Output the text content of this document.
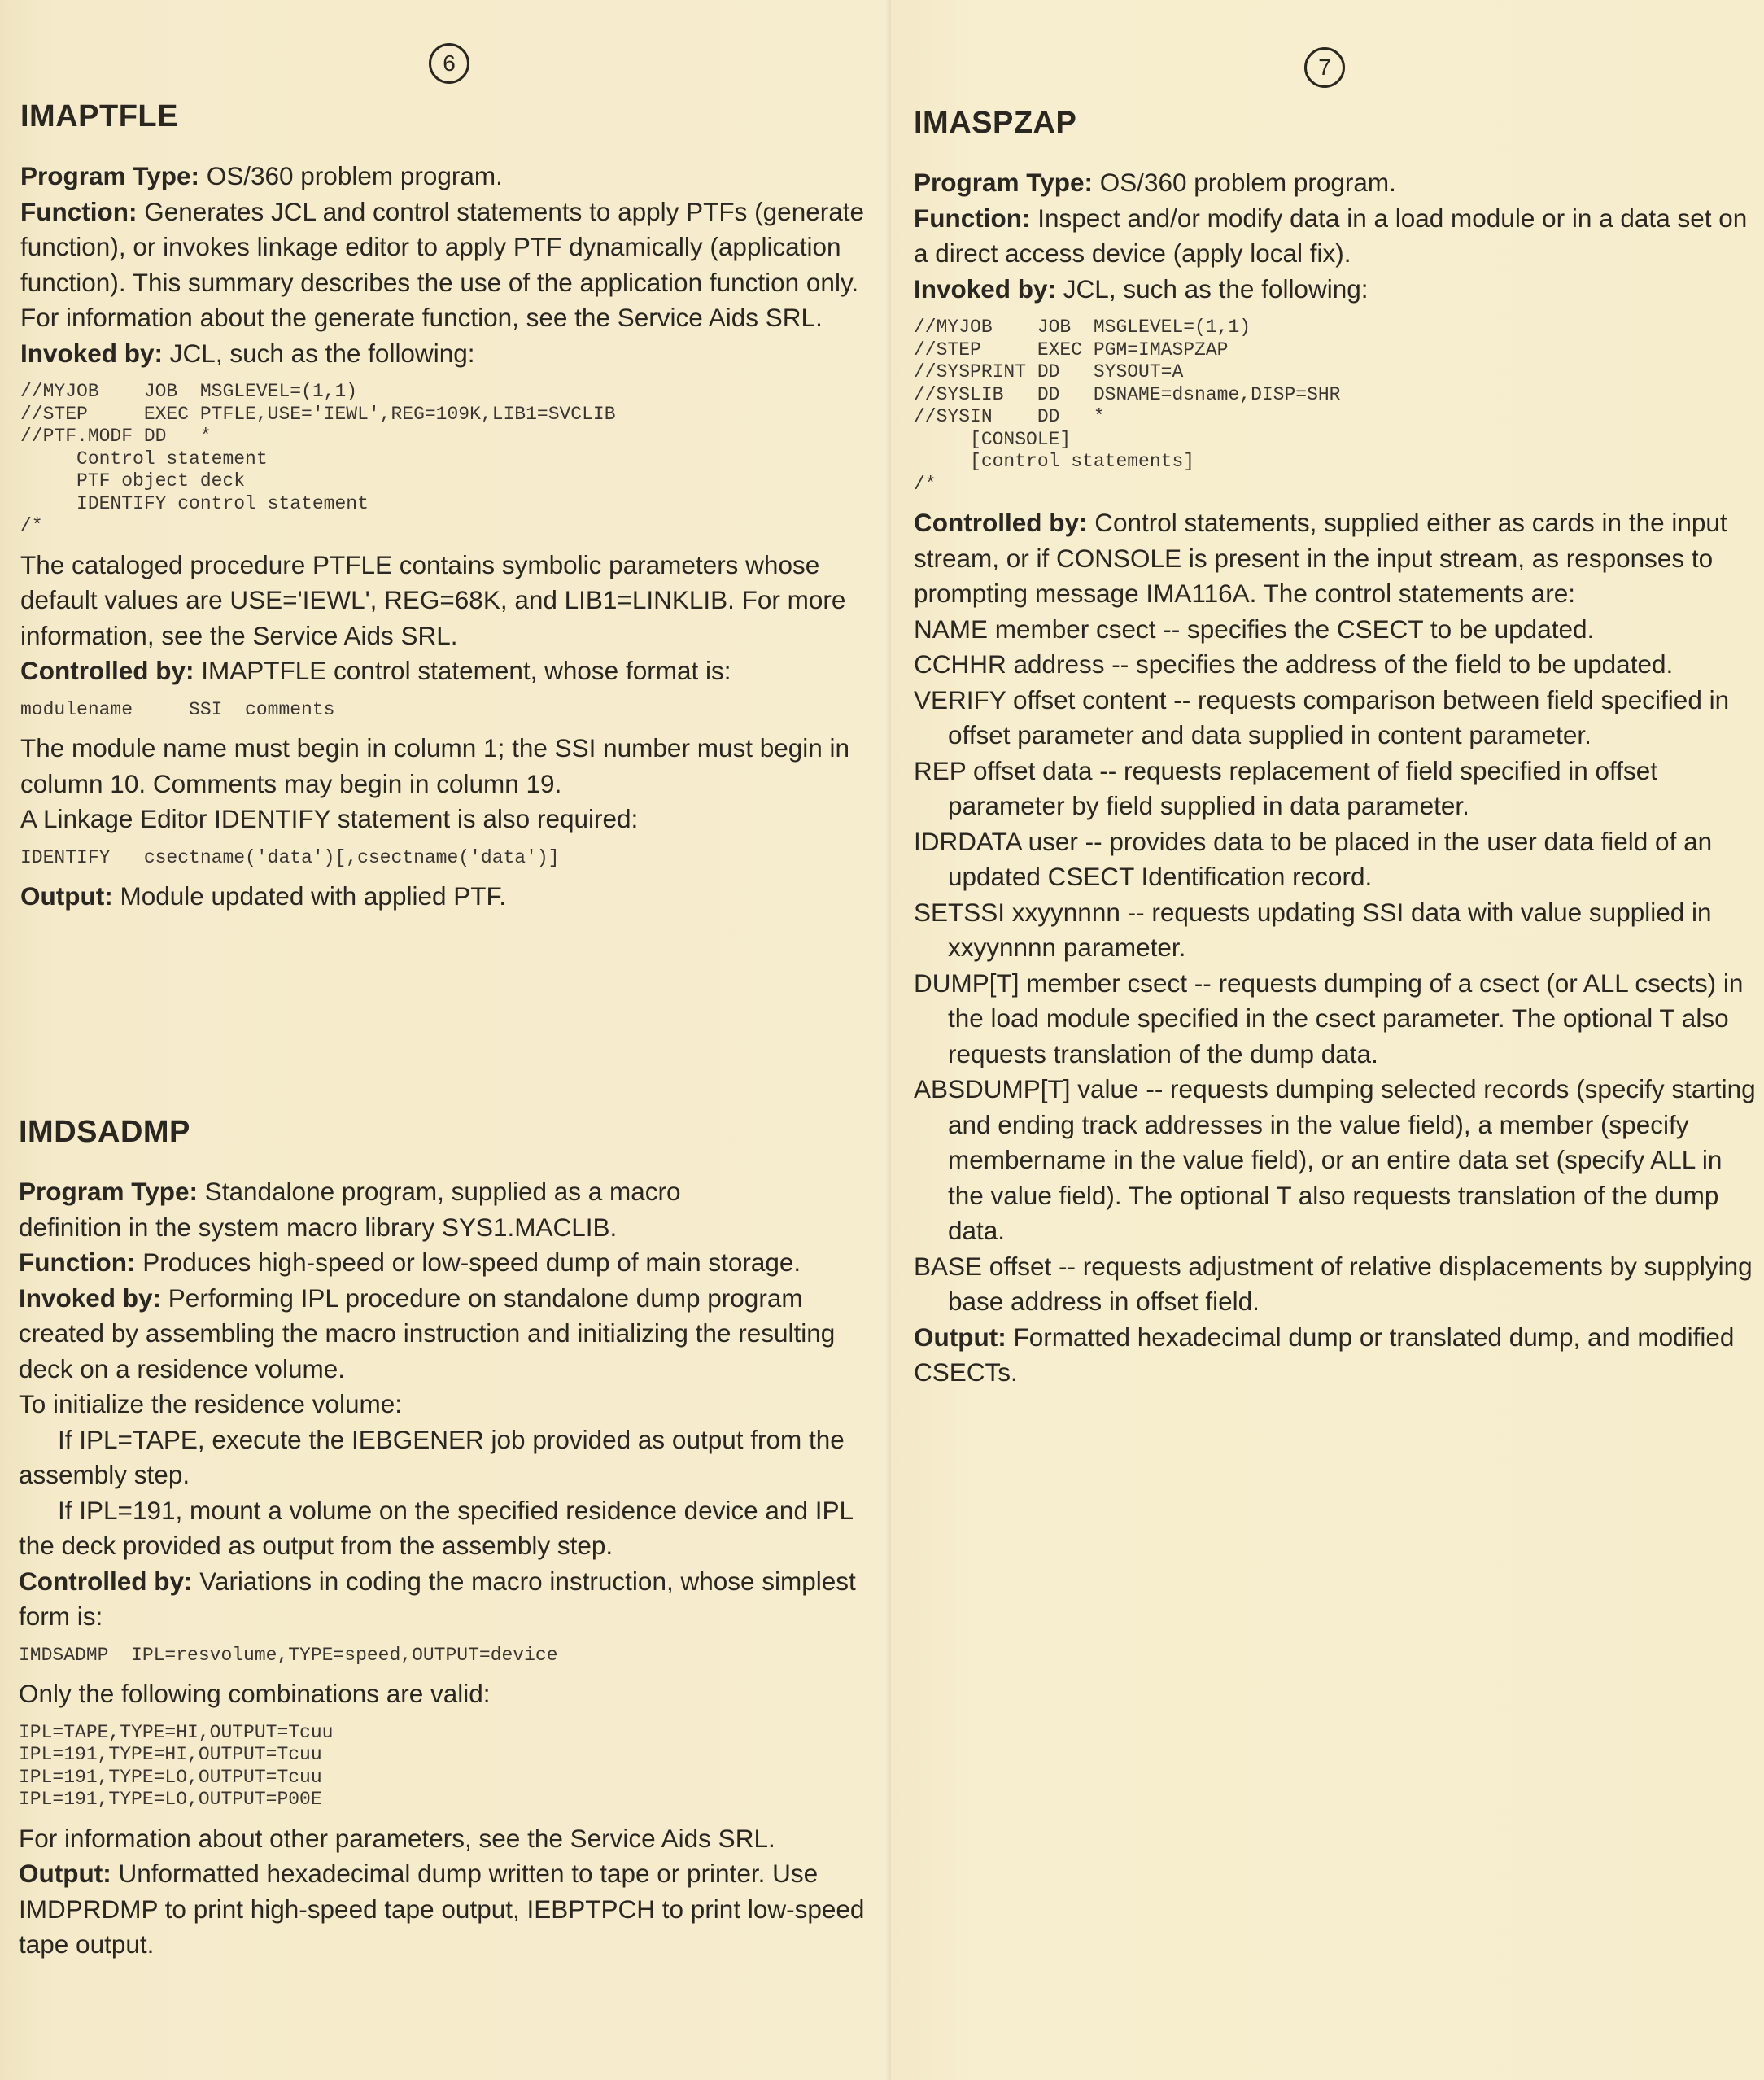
6
IMAPTFLE

Program Type: OS/360 problem program.

Function: Generates JCL and control statements to apply PTFs (generate function), or invokes linkage editor to apply PTF dynamically (application function). This summary describes the use of the application function only. For information about the generate function, see the Service Aids SRL.

Invoked by: JCL, such as the following:

//MYJOB    JOB  MSGLEVEL=(1,1)
//STEP     EXEC PTFLE,USE='IEWL',REG=109K,LIB1=SVCLIB
//PTF.MODF DD   *
Control statement
PTF object deck
IDENTIFY control statement
/*

The cataloged procedure PTFLE contains symbolic parameters whose default values are USE='IEWL', REG=68K, and LIB1=LINKLIB. For more information, see the Service Aids SRL.

Controlled by: IMAPTFLE control statement, whose format is:

modulename     SSI  comments

The module name must begin in column 1; the SSI number must begin in column 10. Comments may begin in column 19.

A Linkage Editor IDENTIFY statement is also required:

IDENTIFY   csectname('data')[,csectname('data')]

Output: Module updated with applied PTF.

IMDSADMP

Program Type: Standalone program, supplied as a macro definition in the system macro library SYS1.MACLIB.

Function: Produces high-speed or low-speed dump of main storage.

Invoked by: Performing IPL procedure on standalone dump program created by assembling the macro instruction and initializing the resulting deck on a residence volume.

To initialize the residence volume:

If IPL=TAPE, execute the IEBGENER job provided as output from the assembly step.

If IPL=191, mount a volume on the specified residence device and IPL the deck provided as output from the assembly step.

Controlled by: Variations in coding the macro instruction, whose simplest form is:

IMDSADMP  IPL=resvolume,TYPE=speed,OUTPUT=device

Only the following combinations are valid:

IPL=TAPE,TYPE=HI,OUTPUT=Tcuu
IPL=191,TYPE=HI,OUTPUT=Tcuu
IPL=191,TYPE=LO,OUTPUT=Tcuu
IPL=191,TYPE=LO,OUTPUT=P00E

For information about other parameters, see the Service Aids SRL.

Output: Unformatted hexadecimal dump written to tape or printer. Use IMDPRDMP to print high-speed tape output, IEBPTPCH to print low-speed tape output.

7
IMASPZAP

Program Type: OS/360 problem program.

Function: Inspect and/or modify data in a load module or in a data set on a direct access device (apply local fix).

Invoked by: JCL, such as the following:

//MYJOB    JOB  MSGLEVEL=(1,1)
//STEP     EXEC PGM=IMASPZAP
//SYSPRINT DD   SYSOUT=A
//SYSLIB   DD   DSNAME=dsname,DISP=SHR
//SYSIN    DD   *
[CONSOLE]
[control statements]
/*

Controlled by: Control statements, supplied either as cards in the input stream, or if CONSOLE is present in the input stream, as responses to prompting message IMA116A. The control statements are:

NAME member csect -- specifies the CSECT to be updated.

CCHHR address -- specifies the address of the field to be updated.

VERIFY offset content -- requests comparison between field specified in offset parameter and data supplied in content parameter.

REP offset data -- requests replacement of field specified in offset parameter by field supplied in data parameter.

IDRDATA user -- provides data to be placed in the user data field of an updated CSECT Identification record.

SETSSI xxyynnnn -- requests updating SSI data with value supplied in xxyynnnn parameter.

DUMP[T] member csect -- requests dumping of a csect (or ALL csects) in the load module specified in the csect parameter. The optional T also requests translation of the dump data.

ABSDUMP[T] value -- requests dumping selected records (specify starting and ending track addresses in the value field), a member (specify membername in the value field), or an entire data set (specify ALL in the value field). The optional T also requests translation of the dump data.

BASE offset -- requests adjustment of relative displacements by supplying base address in offset field.

Output: Formatted hexadecimal dump or translated dump, and modified CSECTs.
